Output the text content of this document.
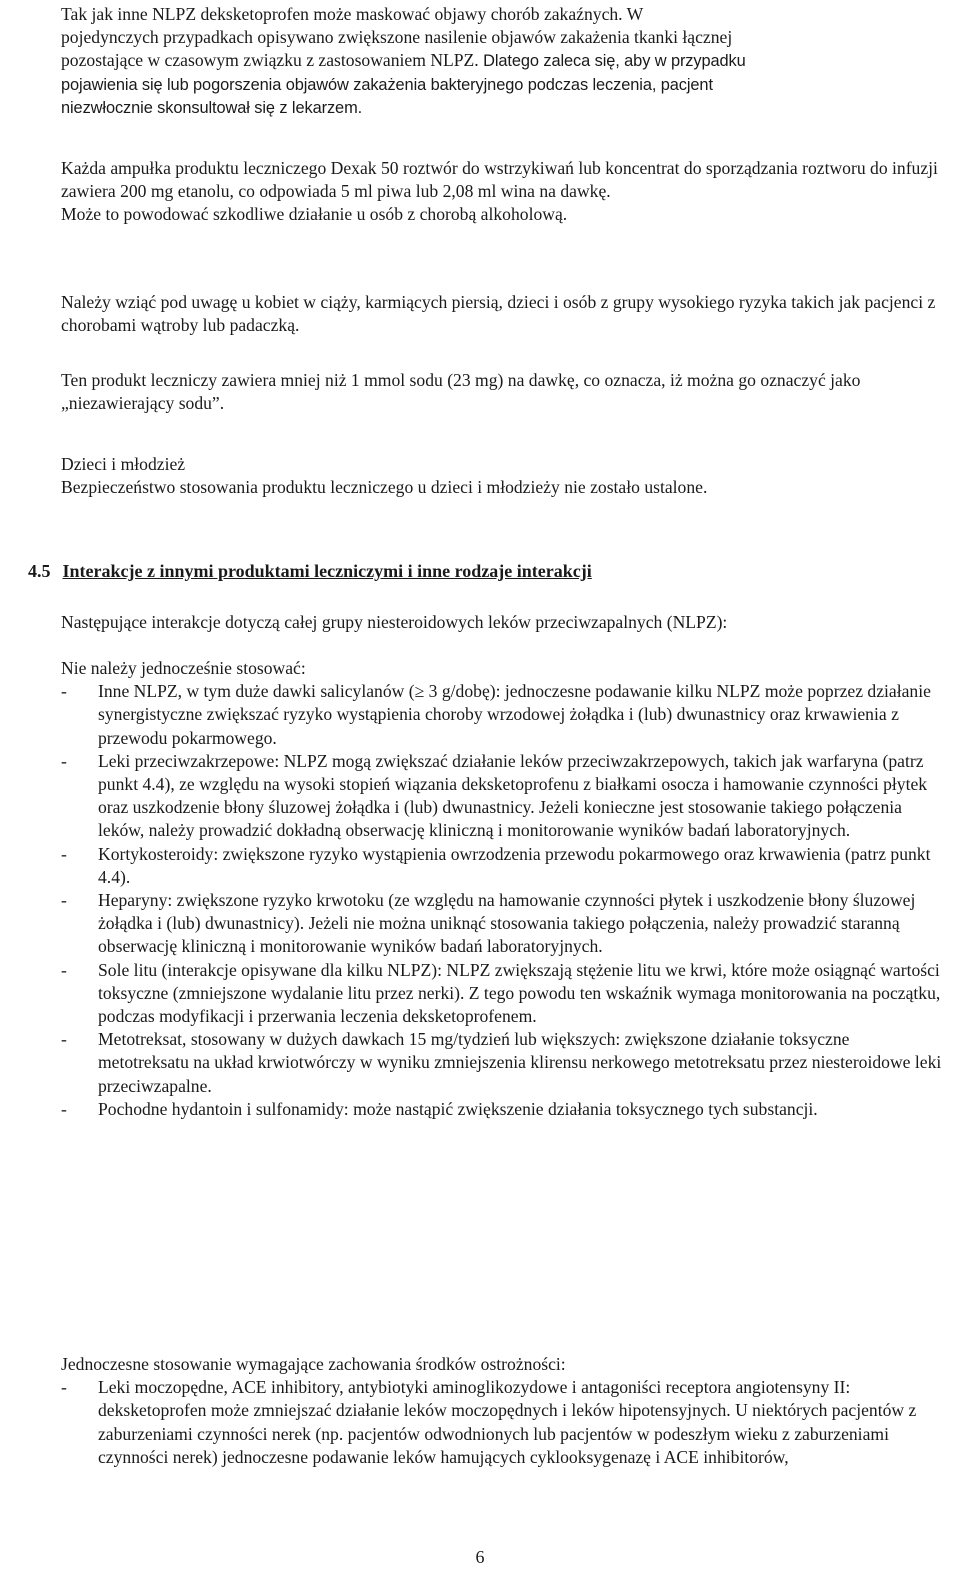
Tak jak inne NLPZ deksketoprofen może maskować objawy chorób zakaźnych. W

pojedynczych przypadkach opisywano zwiększone nasilenie objawów zakażenia tkanki łącznej

pozostające w czasowym związku z zastosowaniem NLPZ. Dlatego zaleca się, aby w przypadku

pojawienia się lub pogorszenia objawów zakażenia bakteryjnego podczas leczenia, pacjent

niezwłocznie skonsultował się z lekarzem.

Każda ampułka produktu leczniczego Dexak 50 roztwór do wstrzykiwań lub koncentrat do sporządzania roztworu do infuzji zawiera 200 mg etanolu, co odpowiada 5 ml piwa lub 2,08 ml wina na dawkę.

Może to powodować szkodliwe działanie u osób z chorobą alkoholową.

Należy wziąć pod uwagę u kobiet w ciąży, karmiących piersią, dzieci i osób z grupy wysokiego ryzyka takich jak pacjenci z chorobami wątroby lub padaczką.

Ten produkt leczniczy zawiera mniej niż 1 mmol sodu (23 mg) na dawkę, co oznacza, iż można go oznaczyć jako „niezawierający sodu”.

Dzieci i młodzież

Bezpieczeństwo stosowania produktu leczniczego u dzieci i młodzieży nie zostało ustalone.

4.5 Interakcje z innymi produktami leczniczymi i inne rodzaje interakcji

Następujące interakcje dotyczą całej grupy niesteroidowych leków przeciwzapalnych (NLPZ):

Nie należy jednocześnie stosować:

- Inne NLPZ, w tym duże dawki salicylanów (≥ 3 g/dobę): jednoczesne podawanie kilku NLPZ może poprzez działanie synergistyczne zwiększać ryzyko wystąpienia choroby wrzodowej żołądka i (lub) dwunastnicy oraz krwawienia z przewodu pokarmowego.
- Leki przeciwzakrzepowe: NLPZ mogą zwiększać działanie leków przeciwzakrzepowych, takich jak warfaryna (patrz punkt 4.4), ze względu na wysoki stopień wiązania deksketoprofenu z białkami osocza i hamowanie czynności płytek oraz uszkodzenie błony śluzowej żołądka i (lub) dwunastnicy. Jeżeli konieczne jest stosowanie takiego połączenia leków, należy prowadzić dokładną obserwację kliniczną i monitorowanie wyników badań laboratoryjnych.
- Kortykosteroidy: zwiększone ryzyko wystąpienia owrzodzenia przewodu pokarmowego oraz krwawienia (patrz punkt 4.4).
- Heparyny: zwiększone ryzyko krwotoku (ze względu na hamowanie czynności płytek i uszkodzenie błony śluzowej żołądka i (lub) dwunastnicy). Jeżeli nie można uniknąć stosowania takiego połączenia, należy prowadzić staranną obserwację kliniczną i monitorowanie wyników badań laboratoryjnych.
- Sole litu (interakcje opisywane dla kilku NLPZ): NLPZ zwiększają stężenie litu we krwi, które może osiągnąć wartości toksyczne (zmniejszone wydalanie litu przez nerki). Z tego powodu ten wskaźnik wymaga monitorowania na początku, podczas modyfikacji i przerwania leczenia deksketoprofenem.
- Metotreksat, stosowany w dużych dawkach 15 mg/tydzień lub większych: zwiększone działanie toksyczne metotreksatu na układ krwiotwórczy w wyniku zmniejszenia klirensu nerkowego metotreksatu przez niesteroidowe leki przeciwzapalne.
- Pochodne hydantoin i sulfonamidy: może nastąpić zwiększenie działania toksycznego tych substancji.

Jednoczesne stosowanie wymagające zachowania środków ostrożności:

- Leki moczopędne, ACE inhibitory, antybiotyki aminoglikozydowe i antagoniści receptora angiotensyny II: deksketoprofen może zmniejszać działanie leków moczopędnych i leków hipotensyjnych. U niektórych pacjentów z zaburzeniami czynności nerek (np. pacjentów odwodnionych lub pacjentów w podeszłym wieku z zaburzeniami czynności nerek) jednoczesne podawanie leków hamujących cyklooksygenazę i ACE inhibitorów,
6
